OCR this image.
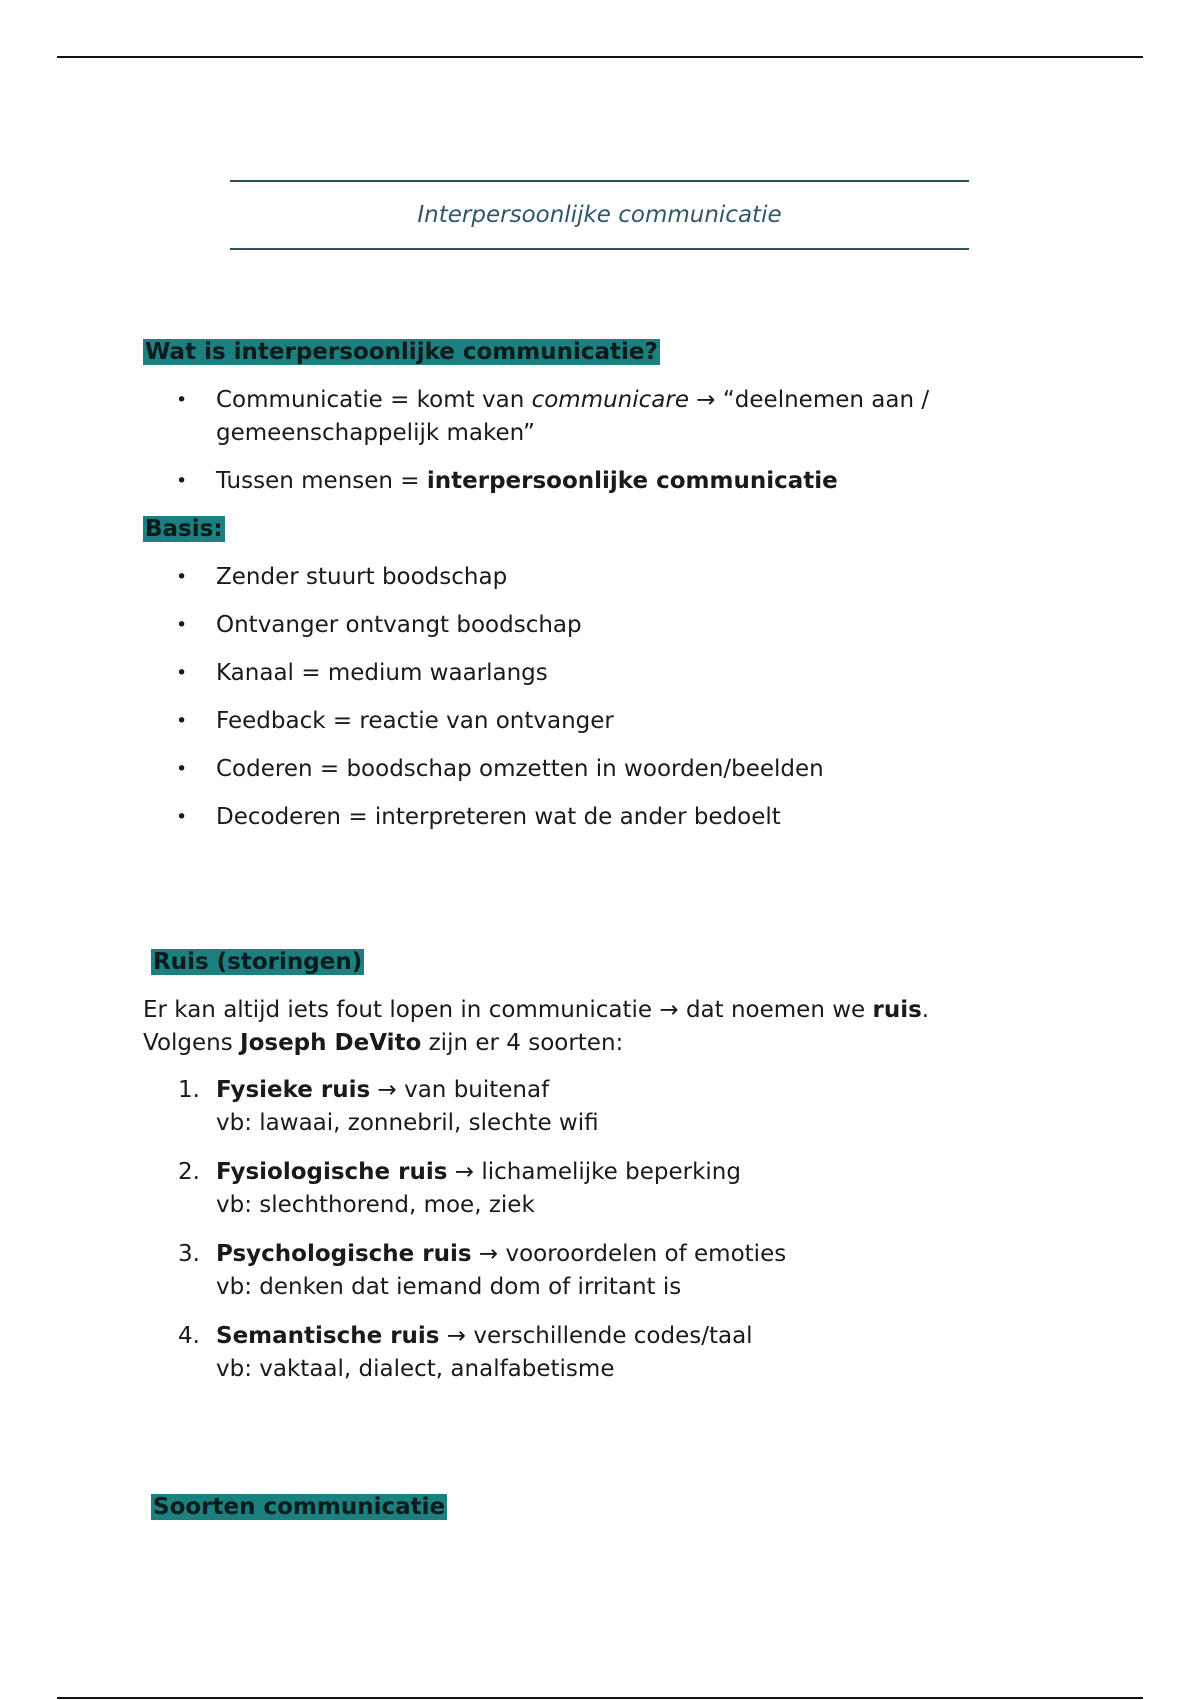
Interpersoonlijke communicatie
Wat is interpersoonlijke communicatie?
• Communicatie = komt van communicare → “deelnemen aan / gemeenschappelijk maken”
• Tussen mensen = interpersoonlijke communicatie
Basis:
• Zender stuurt boodschap
• Ontvanger ontvangt boodschap
• Kanaal = medium waarlangs
• Feedback = reactie van ontvanger
• Coderen = boodschap omzetten in woorden/beelden
• Decoderen = interpreteren wat de ander bedoelt
Ruis (storingen)

Er kan altijd iets fout lopen in communicatie → dat noemen we ruis.
Volgens Joseph DeVito zijn er 4 soorten:

1. Fysieke ruis → van buitenaf
vb: lawaai, zonnebril, slechte wifi
2. Fysiologische ruis → lichamelijke beperking
vb: slechthorend, moe, ziek
3. Psychologische ruis → vooroordelen of emoties
vb: denken dat iemand dom of irritant is
4. Semantische ruis → verschillende codes/taal
vb: vaktaal, dialect, analfabetisme
Soorten communicatie
